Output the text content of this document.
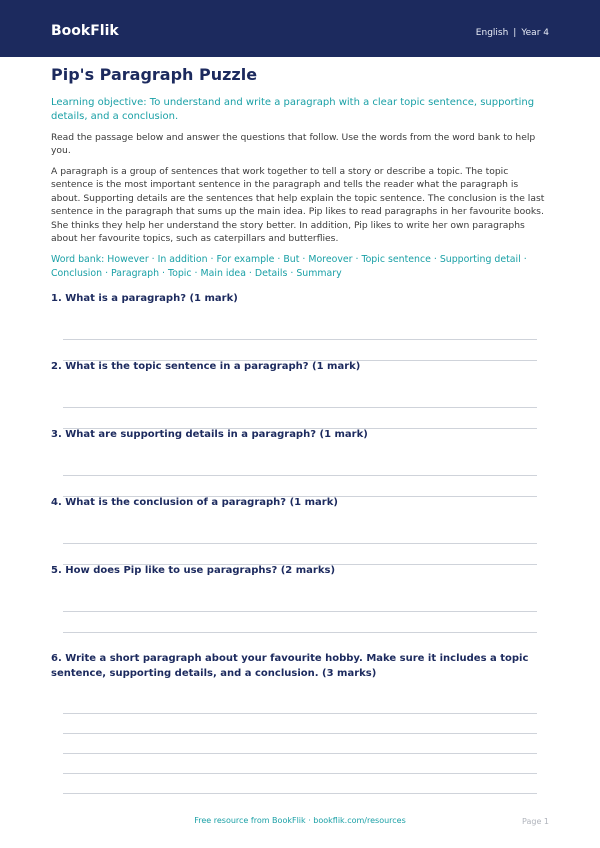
BookFlik	English | Year 4
Pip's Paragraph Puzzle
Learning objective: To understand and write a paragraph with a clear topic sentence, supporting details, and a conclusion.
Read the passage below and answer the questions that follow. Use the words from the word bank to help you.
A paragraph is a group of sentences that work together to tell a story or describe a topic. The topic sentence is the most important sentence in the paragraph and tells the reader what the paragraph is about. Supporting details are the sentences that help explain the topic sentence. The conclusion is the last sentence in the paragraph that sums up the main idea. Pip likes to read paragraphs in her favourite books. She thinks they help her understand the story better. In addition, Pip likes to write her own paragraphs about her favourite topics, such as caterpillars and butterflies.
Word bank: However · In addition · For example · But · Moreover · Topic sentence · Supporting detail · Conclusion · Paragraph · Topic · Main idea · Details · Summary
1. What is a paragraph? (1 mark)
2. What is the topic sentence in a paragraph? (1 mark)
3. What are supporting details in a paragraph? (1 mark)
4. What is the conclusion of a paragraph? (1 mark)
5. How does Pip like to use paragraphs? (2 marks)
6. Write a short paragraph about your favourite hobby. Make sure it includes a topic sentence, supporting details, and a conclusion. (3 marks)
Free resource from BookFlik · bookflik.com/resources	Page 1
